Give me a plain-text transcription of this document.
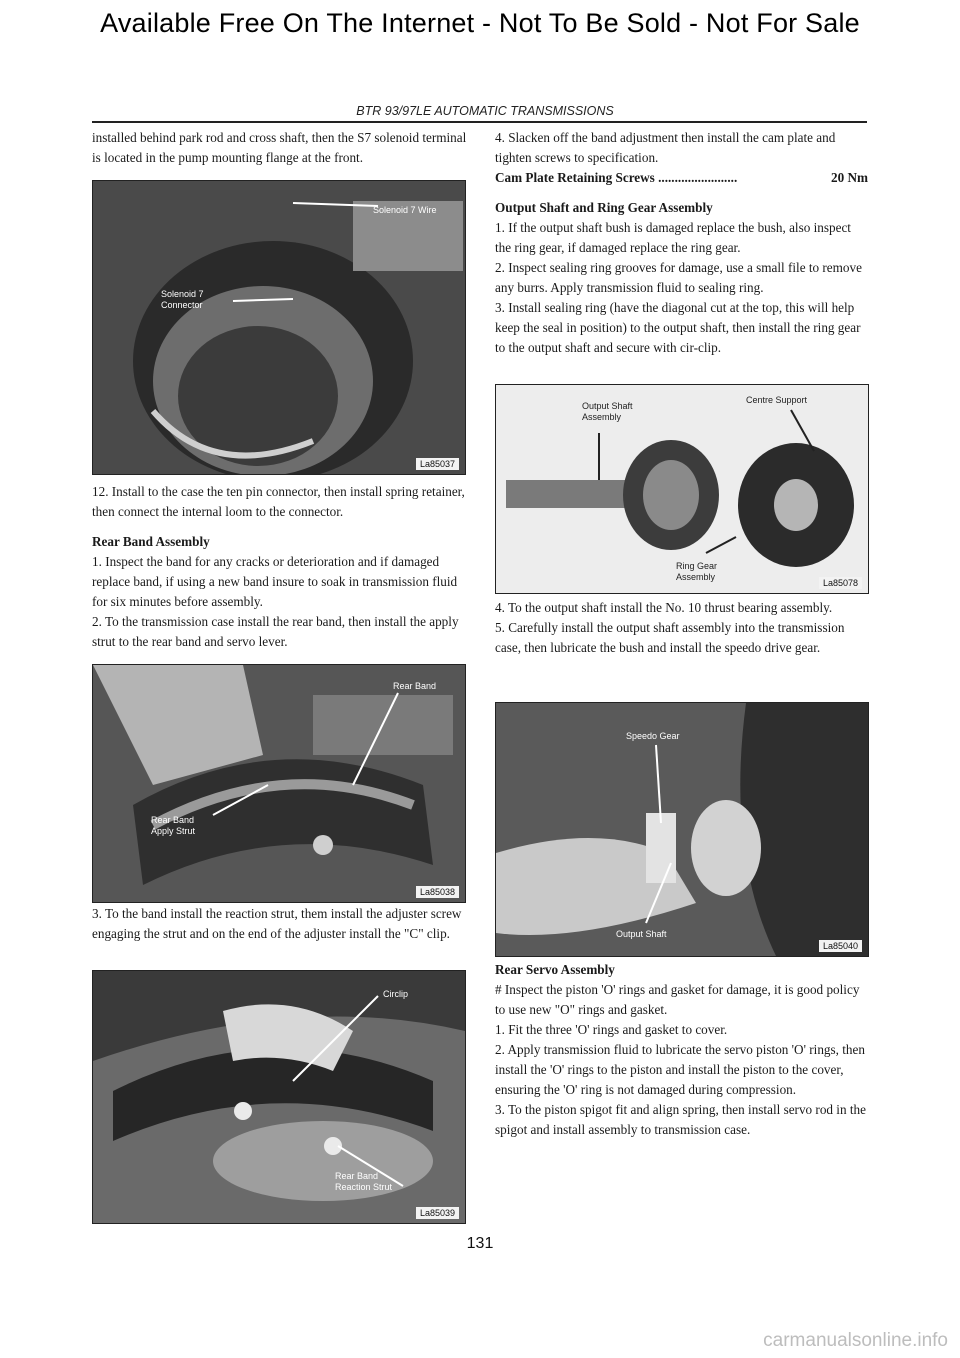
Available Free On The Internet - Not To Be Sold - Not For Sale
BTR 93/97LE AUTOMATIC TRANSMISSIONS

installed behind park rod and cross shaft, then the S7 solenoid terminal is located in the pump mounting flange at the front.

Solenoid 7 Wire
Solenoid 7 Connector
La85037

12. Install to the case the ten pin connector, then install spring retainer, then connect the internal loom to the connector.

Rear Band Assembly

1. Inspect the band for any cracks or deterioration and if damaged replace band, if using a new band insure to soak in transmission fluid for six minutes before assembly.

2. To the transmission case install the rear band, then install the apply strut to the rear band and servo lever.

Rear Band
Rear Band Apply Strut
La85038

3. To the band install the reaction strut, them install the adjuster screw engaging the strut and on the end of the adjuster install the "C" clip.

Circlip
Rear Band Reaction Strut
La85039

4. Slacken off the band adjustment then install the cam plate and tighten screws to specification.

Cam Plate Retaining Screws ........................	20 Nm

Output Shaft and Ring Gear Assembly

1. If the output shaft bush is damaged replace the bush, also inspect the ring gear, if damaged replace the ring gear.

2. Inspect sealing ring grooves for damage, use a small file to remove any burrs. Apply transmission fluid to sealing ring.

3. Install sealing ring (have the diagonal cut at the top, this will help keep the seal in position) to the output shaft, then install the ring gear to the output shaft and secure with cir-clip.

Output Shaft Assembly
Centre Support
Ring Gear Assembly
La85078

4. To the output shaft install the No. 10 thrust bearing assembly.

5. Carefully install the output shaft assembly into the transmission case, then lubricate the bush and install the speedo drive gear.

Speedo Gear
Output Shaft
La85040

Rear Servo Assembly

# Inspect the piston 'O' rings and gasket for damage, it is good policy to use new "O" rings and gasket.

1. Fit the three 'O' rings and gasket to cover.

2. Apply transmission fluid to lubricate the servo piston 'O' rings, then install the 'O' rings to the piston and install the piston to the cover, ensuring the 'O' ring is not damaged during compression.

3. To the piston spigot fit and align spring, then install servo rod in the spigot and install assembly to transmission case.

131
carmanualsonline.info
